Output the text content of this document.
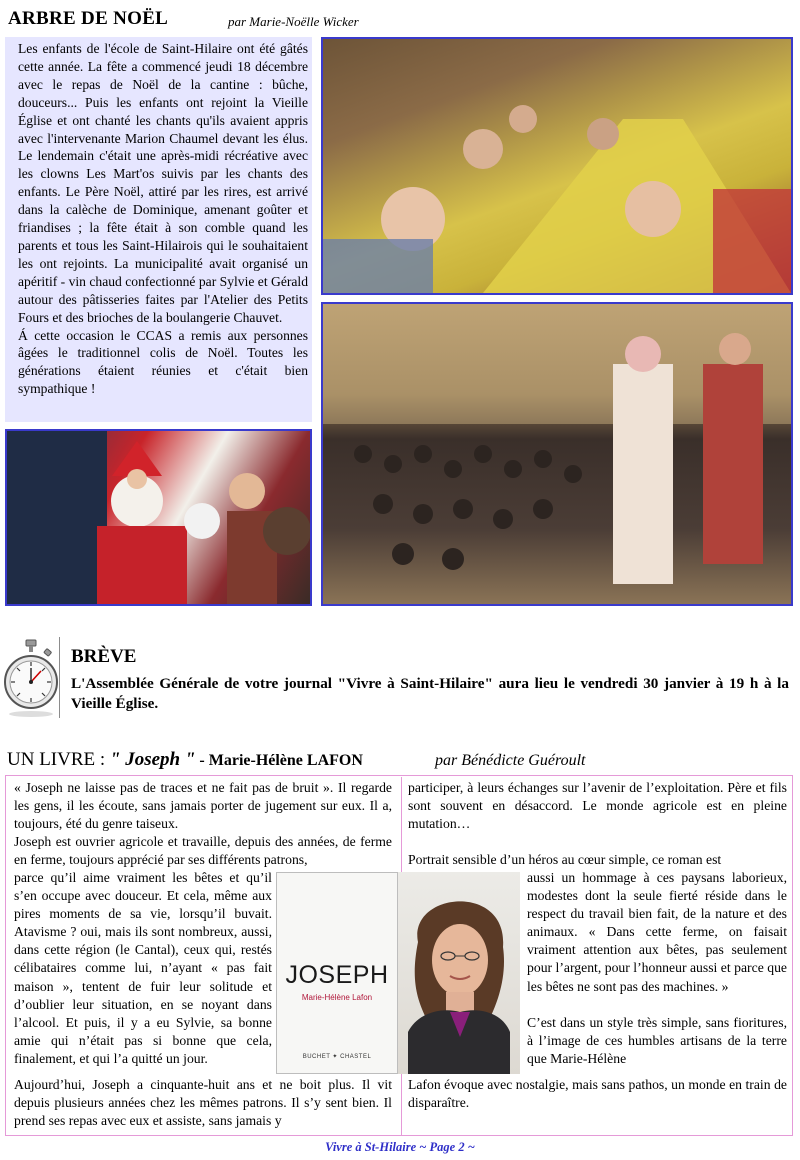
ARBRE DE NOËL	par Marie-Noëlle Wicker

Les enfants de l'école de Saint-Hilaire ont été gâtés cette année. La fête a commencé jeudi 18 décembre avec le repas de Noël de la cantine : bûche, douceurs... Puis les enfants ont rejoint la Vieille Église et ont chanté les chants qu'ils avaient appris avec l'intervenante Marion Chaumel devant les élus. Le lendemain c'était une après-midi récréative avec les clowns Les Mart'os suivis par les chants des enfants. Le Père Noël, attiré par les rires, est arrivé dans la calèche de Dominique, amenant goûter et friandises ; la fête était à son comble quand les parents et tous les Saint-Hilairois qui le souhaitaient les ont rejoints. La municipalité avait organisé un apéritif - vin chaud confectionné par Sylvie et Gérald autour des pâtisseries faites par l'Atelier des Petits Fours et des brioches de la boulangerie Chauvet.

Á cette occasion le CCAS a remis aux personnes âgées le traditionnel colis de Noël. Toutes les générations étaient réunies et c'était bien sympathique !

BRÈVE
L'Assemblée Générale de votre journal "Vivre à Saint-Hilaire" aura lieu le vendredi 30 janvier à 19 h à la Vieille Église.
UN LIVRE : " Joseph " - Marie-Hélène LAFON	par Bénédicte Guéroult

« Joseph ne laisse pas de traces et ne fait pas de bruit ». Il regarde les gens, il les écoute, sans jamais porter de jugement sur eux. Il a, toujours, été du genre taiseux.

Joseph est ouvrier agricole et travaille, depuis des années, de ferme en ferme, toujours apprécié par ses différents patrons,

parce qu’il aime vraiment les bêtes et qu’il s’en occupe avec douceur. Et cela, même aux pires moments de sa vie, lorsqu’il buvait. Atavisme ? oui, mais ils sont nombreux, aussi, dans cette région (le Cantal), ceux qui, restés célibataires comme lui, n’ayant « pas fait maison », tentent de fuir leur solitude et d’oublier leur situation, en se noyant dans l’alcool. Et puis, il y a eu Sylvie, sa bonne amie qui n’était pas si bonne que cela, finalement, et qui l’a quitté un jour.

Aujourd’hui, Joseph a cinquante-huit ans et ne boit plus. Il vit depuis plusieurs années chez les mêmes patrons. Il s’y sent bien. Il prend ses repas avec eux et assiste, sans jamais y

participer, à leurs échanges sur l’avenir de l’exploitation. Père et fils sont souvent en désaccord. Le monde agricole est en pleine mutation…

Portrait sensible d’un héros au cœur simple, ce roman est

aussi un hommage à ces paysans laborieux, modestes dont la seule fierté réside dans le respect du travail bien fait, de la nature et des animaux. « Dans cette ferme, on faisait vraiment attention aux bêtes, pas seulement pour l’argent, pour l’honneur aussi et parce que les bêtes ne sont pas des machines. »

C’est dans un style très simple, sans fioritures, à l’image de ces humbles artisans de la terre que Marie-Hélène

Lafon évoque avec nostalgie, mais sans pathos, un monde en train de disparaître.

JOSEPH
Marie-Hélène Lafon
BUCHET ✦ CHASTEL
Vivre à St-Hilaire ~ Page 2 ~
